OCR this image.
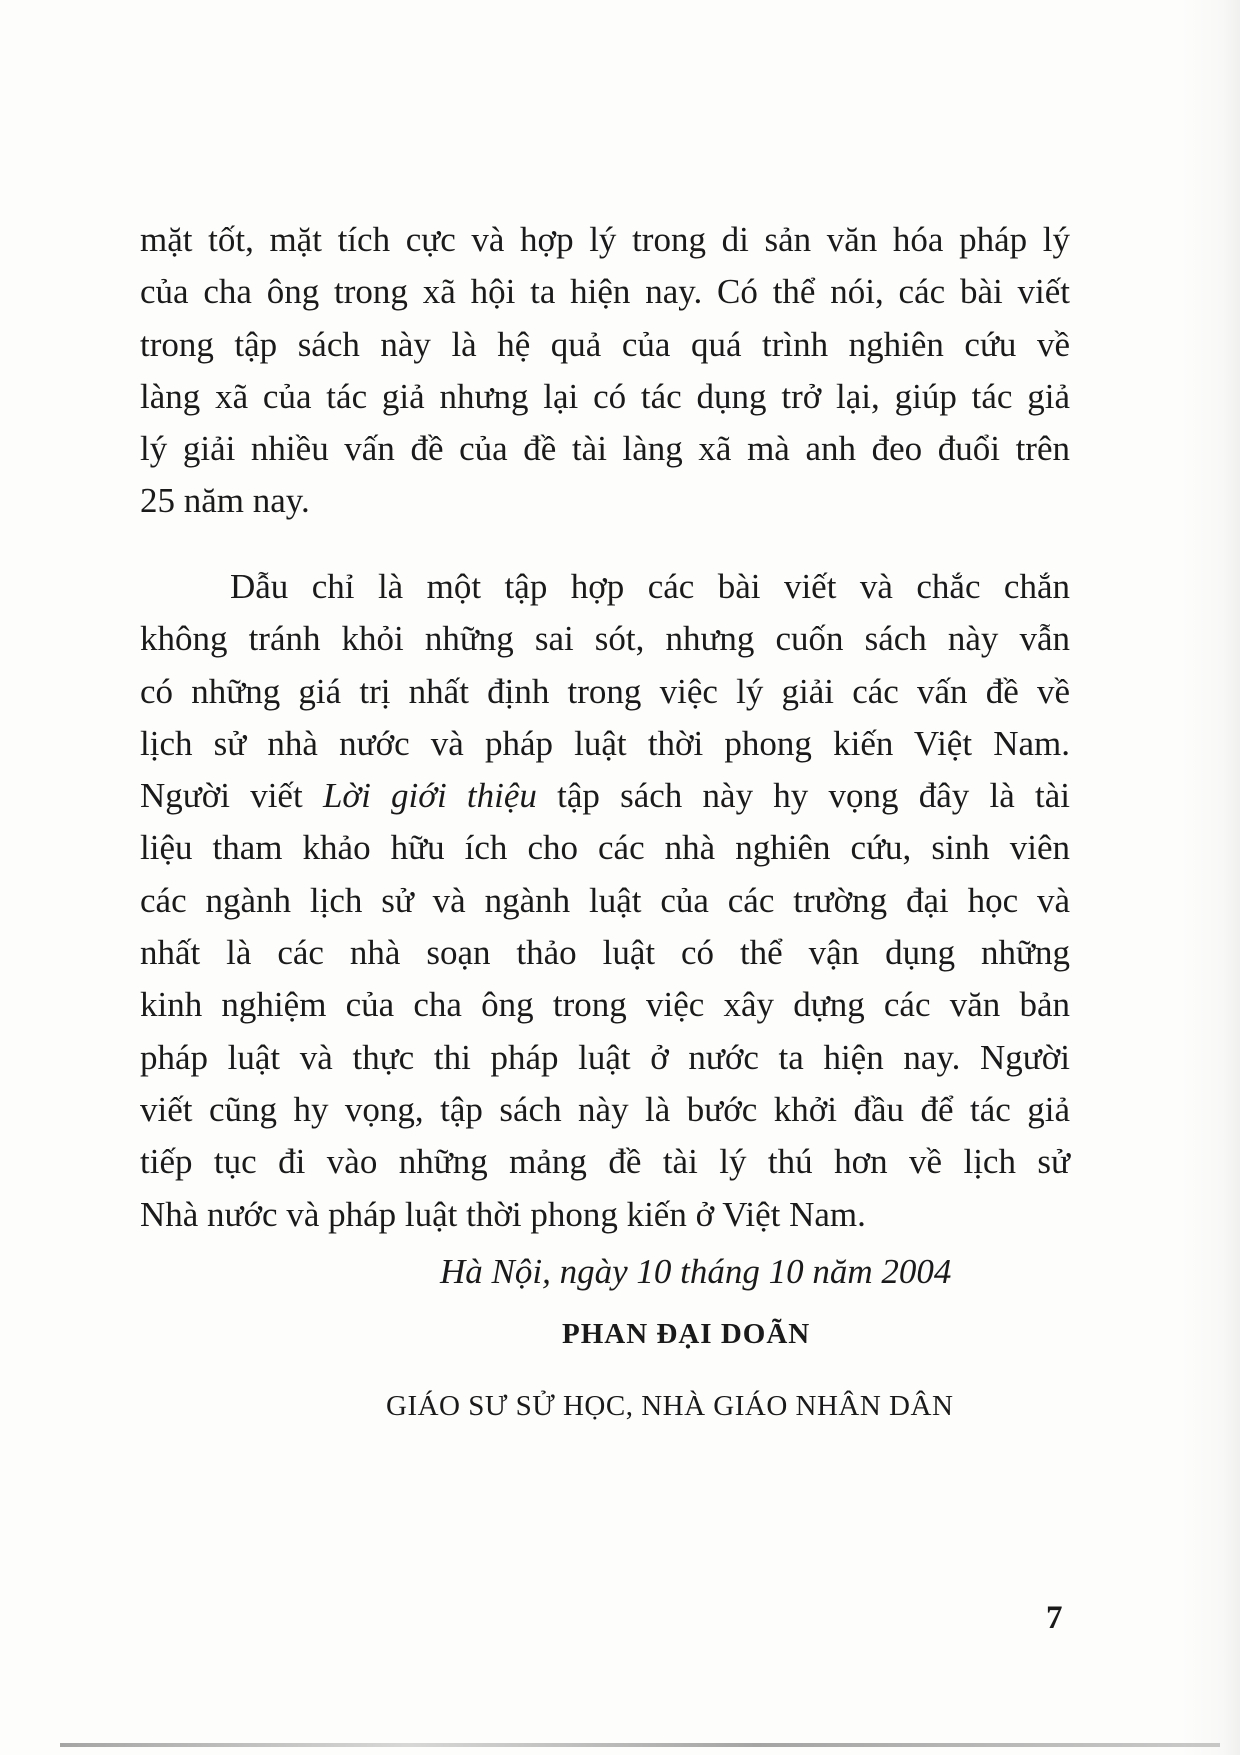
mặt tốt, mặt tích cực và hợp lý trong di sản văn hóa pháp lý
của cha ông trong xã hội ta hiện nay. Có thể nói, các bài viết
trong tập sách này là hệ quả của quá trình nghiên cứu về
làng xã của tác giả nhưng lại có tác dụng trở lại, giúp tác giả
lý giải nhiều vấn đề của đề tài làng xã mà anh đeo đuổi trên
25 năm nay.
Dẫu chỉ là một tập hợp các bài viết và chắc chắn
không tránh khỏi những sai sót, nhưng cuốn sách này vẫn
có những giá trị nhất định trong việc lý giải các vấn đề về
lịch sử nhà nước và pháp luật thời phong kiến Việt Nam.
Người viết Lời giới thiệu tập sách này hy vọng đây là tài
liệu tham khảo hữu ích cho các nhà nghiên cứu, sinh viên
các ngành lịch sử và ngành luật của các trường đại học và
nhất là các nhà soạn thảo luật có thể vận dụng những
kinh nghiệm của cha ông trong việc xây dựng các văn bản
pháp luật và thực thi pháp luật ở nước ta hiện nay. Người
viết cũng hy vọng, tập sách này là bước khởi đầu để tác giả
tiếp tục đi vào những mảng đề tài lý thú hơn về lịch sử
Nhà nước và pháp luật thời phong kiến ở Việt Nam.
Hà Nội, ngày 10 tháng 10 năm 2004
PHAN ĐẠI DOÃN
GIÁO SƯ SỬ HỌC, NHÀ GIÁO NHÂN DÂN
7
